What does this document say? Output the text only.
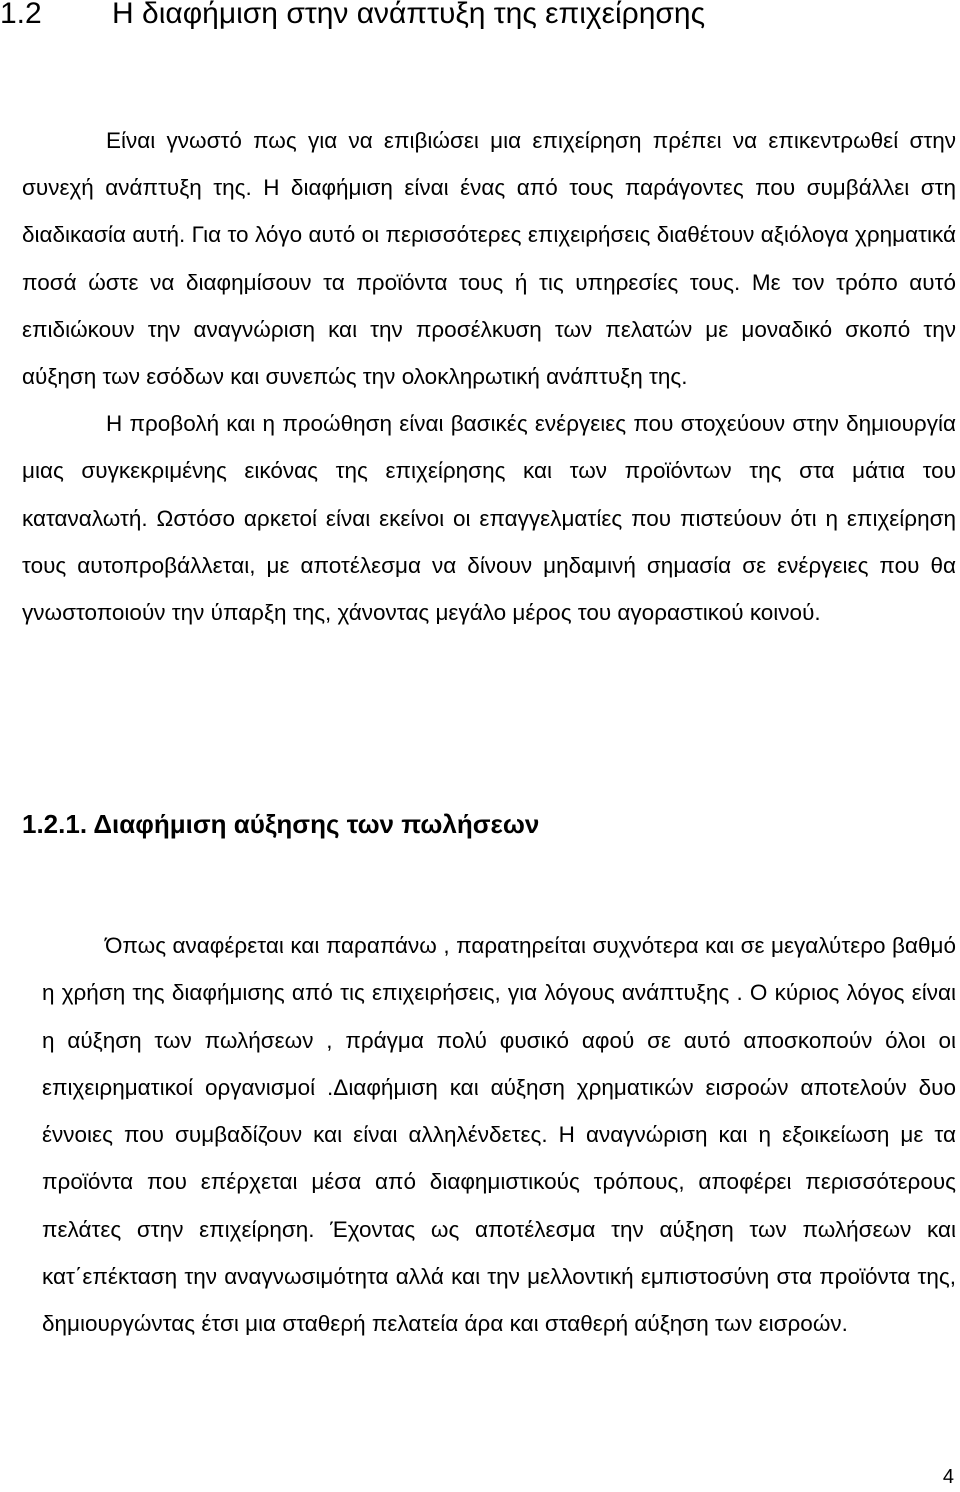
1.2	Η διαφήμιση στην ανάπτυξη της επιχείρησης

Είναι γνωστό πως για να επιβιώσει μια επιχείρηση πρέπει να επικεντρωθεί στην συνεχή ανάπτυξη της. Η διαφήμιση είναι ένας από τους παράγοντες που συμβάλλει στη διαδικασία αυτή. Για το λόγο αυτό οι περισσότερες επιχειρήσεις διαθέτουν αξιόλογα χρηματικά ποσά ώστε να διαφημίσουν τα προϊόντα τους ή τις υπηρεσίες τους. Με τον τρόπο αυτό επιδιώκουν την αναγνώριση και την προσέλκυση των πελατών με μοναδικό σκοπό την αύξηση των εσόδων και συνεπώς την ολοκληρωτική ανάπτυξη της.

Η προβολή και η προώθηση είναι βασικές ενέργειες που στοχεύουν στην δημιουργία μιας συγκεκριμένης εικόνας της επιχείρησης και των προϊόντων της στα μάτια του καταναλωτή. Ωστόσο αρκετοί είναι εκείνοι οι επαγγελματίες που πιστεύουν ότι η επιχείρηση τους αυτοπροβάλλεται, με αποτέλεσμα να δίνουν μηδαμινή σημασία σε ενέργειες που θα γνωστοποιούν την ύπαρξη της, χάνοντας μεγάλο μέρος του αγοραστικού κοινού.

1.2.1. Διαφήμιση αύξησης των πωλήσεων

Όπως αναφέρεται και παραπάνω , παρατηρείται συχνότερα και σε μεγαλύτερο βαθμό η χρήση της διαφήμισης από τις επιχειρήσεις, για λόγους ανάπτυξης . Ο κύριος λόγος είναι η αύξηση των πωλήσεων , πράγμα πολύ φυσικό αφού σε αυτό αποσκοπούν όλοι οι επιχειρηματικοί οργανισμοί .Διαφήμιση και αύξηση χρηματικών εισροών αποτελούν δυο έννοιες που συμβαδίζουν και είναι αλληλένδετες. Η αναγνώριση και η εξοικείωση με τα προϊόντα που επέρχεται μέσα από διαφημιστικούς τρόπους, αποφέρει περισσότερους πελάτες στην επιχείρηση. Έχοντας ως αποτέλεσμα την αύξηση των πωλήσεων και κατ΄επέκταση την αναγνωσιμότητα αλλά και την μελλοντική εμπιστοσύνη στα προϊόντα της, δημιουργώντας έτσι μια σταθερή πελατεία άρα και σταθερή αύξηση των εισροών.

4
